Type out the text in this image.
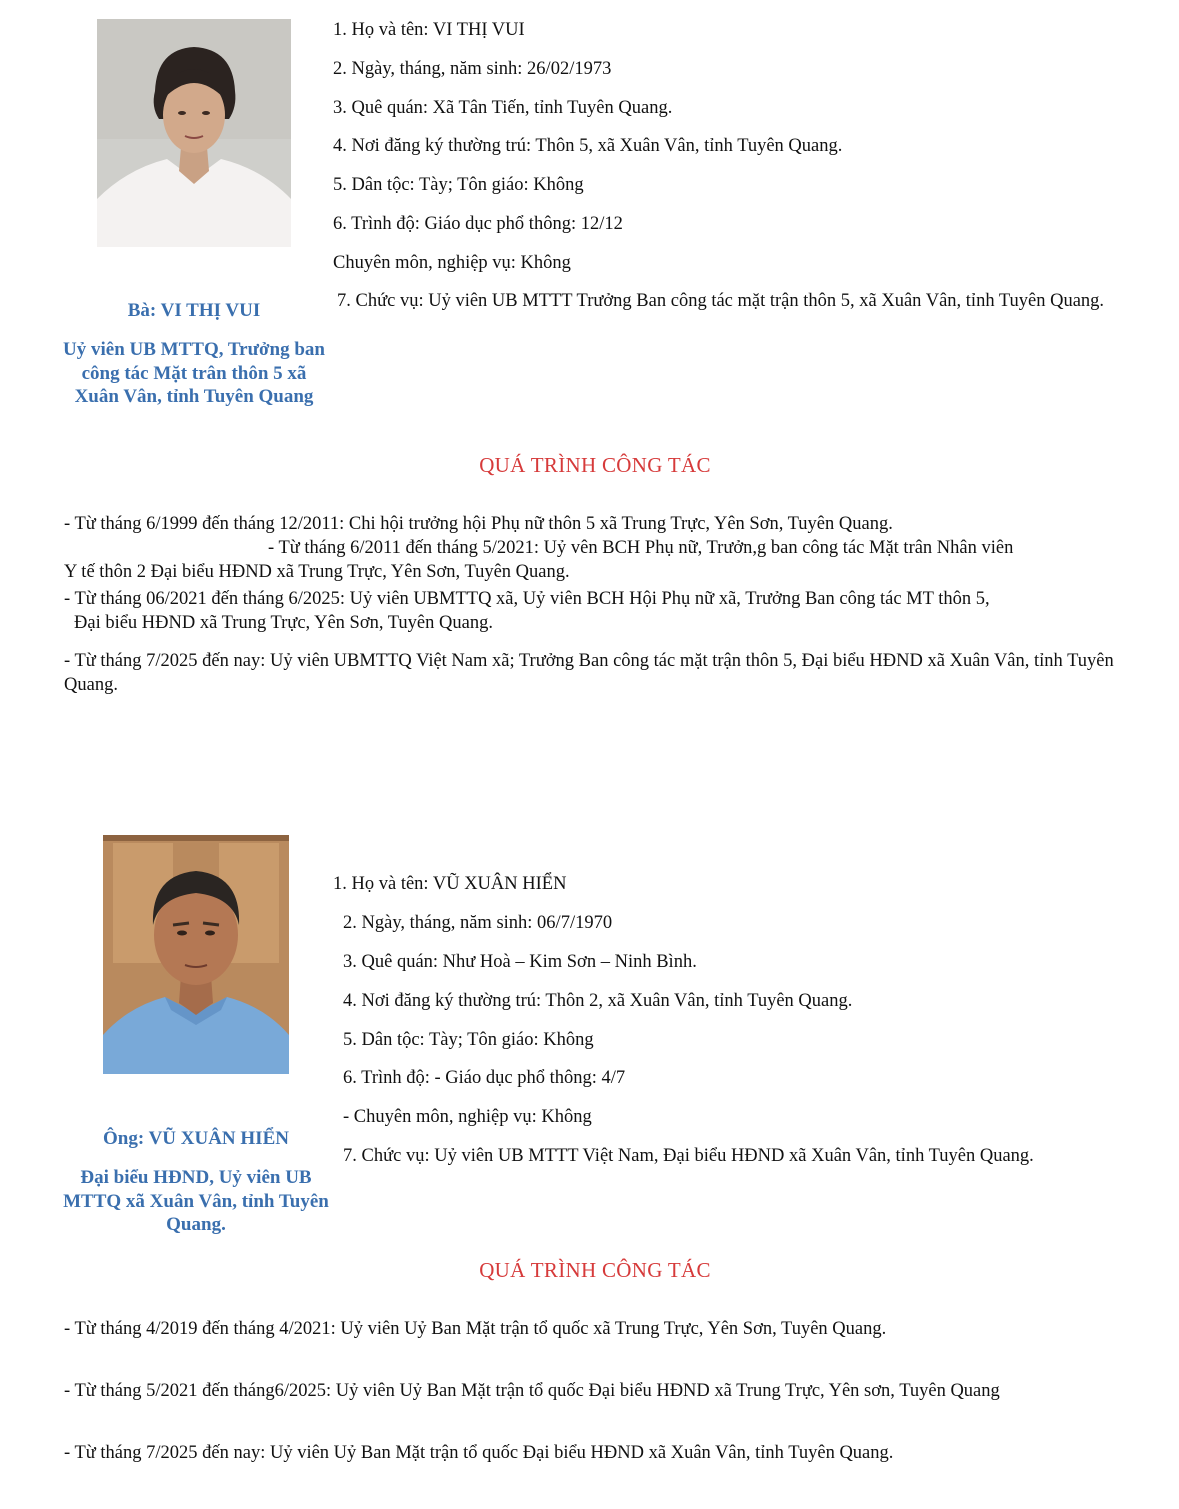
Bà: VI THỊ VUI
Uỷ viên UB MTTQ, Trưởng ban công tác Mặt trân thôn 5 xã Xuân Vân, tỉnh Tuyên Quang
1. Họ và tên: VI THỊ VUI
2. Ngày, tháng, năm sinh: 26/02/1973
3. Quê quán: Xã Tân Tiến, tỉnh Tuyên Quang.
4. Nơi đăng ký thường trú: Thôn 5, xã Xuân Vân, tỉnh Tuyên Quang.
5. Dân tộc: Tày; Tôn giáo: Không
6. Trình độ: Giáo dục phổ thông: 12/12
Chuyên môn, nghiệp vụ: Không
7. Chức vụ: Uỷ viên UB MTTT Trưởng Ban công tác mặt trận thôn 5, xã Xuân Vân, tỉnh Tuyên Quang.
QUÁ TRÌNH CÔNG TÁC
- Từ tháng 6/1999 đến tháng 12/2011: Chi hội trưởng hội Phụ nữ thôn 5 xã Trung Trực, Yên Sơn, Tuyên Quang.
- Từ tháng 6/2011 đến tháng 5/2021: Uỷ vên BCH Phụ nữ, Trưởn,g ban công tác Mặt trân Nhân viên
Y tế thôn 2 Đại biểu HĐND xã Trung Trực, Yên Sơn, Tuyên Quang.
- Từ tháng 06/2021 đến tháng 6/2025: Uỷ viên UBMTTQ xã, Uỷ viên BCH Hội Phụ nữ xã, Trưởng Ban công tác MT thôn 5,
Đại biểu HĐND xã Trung Trực, Yên Sơn, Tuyên Quang.
- Từ tháng 7/2025 đến nay: Uỷ viên UBMTTQ Việt Nam xã; Trưởng Ban công tác mặt trận thôn 5, Đại biểu HĐND xã Xuân Vân, tỉnh Tuyên Quang.
Ông: VŨ XUÂN HIỂN
Đại biểu HĐND, Uỷ viên UB MTTQ xã Xuân Vân, tỉnh Tuyên Quang.
1. Họ và tên: VŨ XUÂN HIỂN
2. Ngày, tháng, năm sinh: 06/7/1970
3. Quê quán: Như Hoà – Kim Sơn – Ninh Bình.
4. Nơi đăng ký thường trú: Thôn 2, xã Xuân Vân, tỉnh Tuyên Quang.
5. Dân tộc: Tày; Tôn giáo: Không
6. Trình độ: - Giáo dục phổ thông: 4/7
- Chuyên môn, nghiệp vụ: Không
7. Chức vụ: Uỷ viên UB MTTT Việt Nam, Đại biểu HĐND xã Xuân Vân, tỉnh Tuyên Quang.
QUÁ TRÌNH CÔNG TÁC
- Từ tháng 4/2019 đến tháng 4/2021: Uỷ viên Uỷ Ban Mặt trận tổ quốc xã Trung Trực, Yên Sơn, Tuyên Quang.
- Từ tháng 5/2021 đến tháng6/2025: Uỷ viên Uỷ Ban Mặt trận tổ quốc Đại biểu HĐND xã Trung Trực, Yên sơn, Tuyên Quang
- Từ tháng 7/2025 đến nay: Uỷ viên Uỷ Ban Mặt trận tổ quốc Đại biểu HĐND xã Xuân Vân, tỉnh Tuyên Quang.
